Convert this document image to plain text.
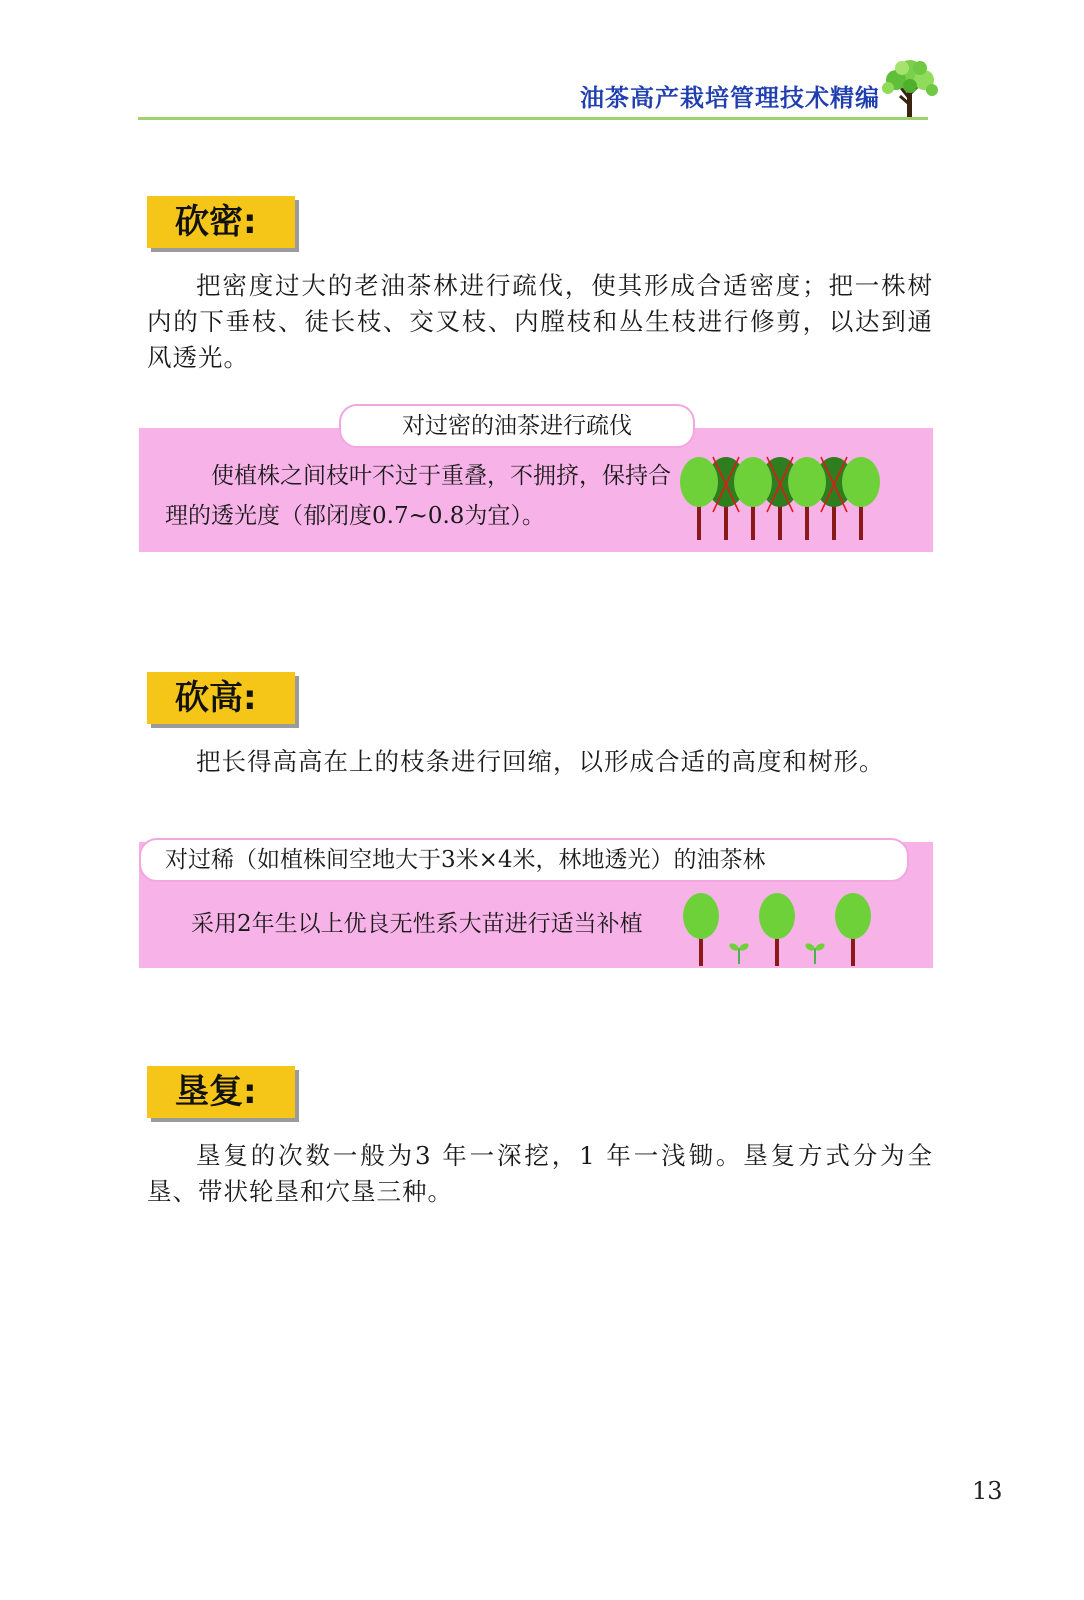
油茶高产栽培管理技术精编
砍密:
把密度过大的老油茶林进行疏伐，使其形成合适密度；把一株树内的下垂枝、徒长枝、交叉枝、内膛枝和丛生枝进行修剪，以达到通风透光。
对过密的油茶进行疏伐
使植株之间枝叶不过于重叠，不拥挤，保持合理的透光度（郁闭度0.7~0.8为宜）。
砍高:
把长得高高在上的枝条进行回缩，以形成合适的高度和树形。
对过稀（如植株间空地大于3米×4米，林地透光）的油茶林
采用2年生以上优良无性系大苗进行适当补植
垦复:
垦复的次数一般为3 年一深挖，1 年一浅锄。垦复方式分为全垦、带状轮垦和穴垦三种。
13
